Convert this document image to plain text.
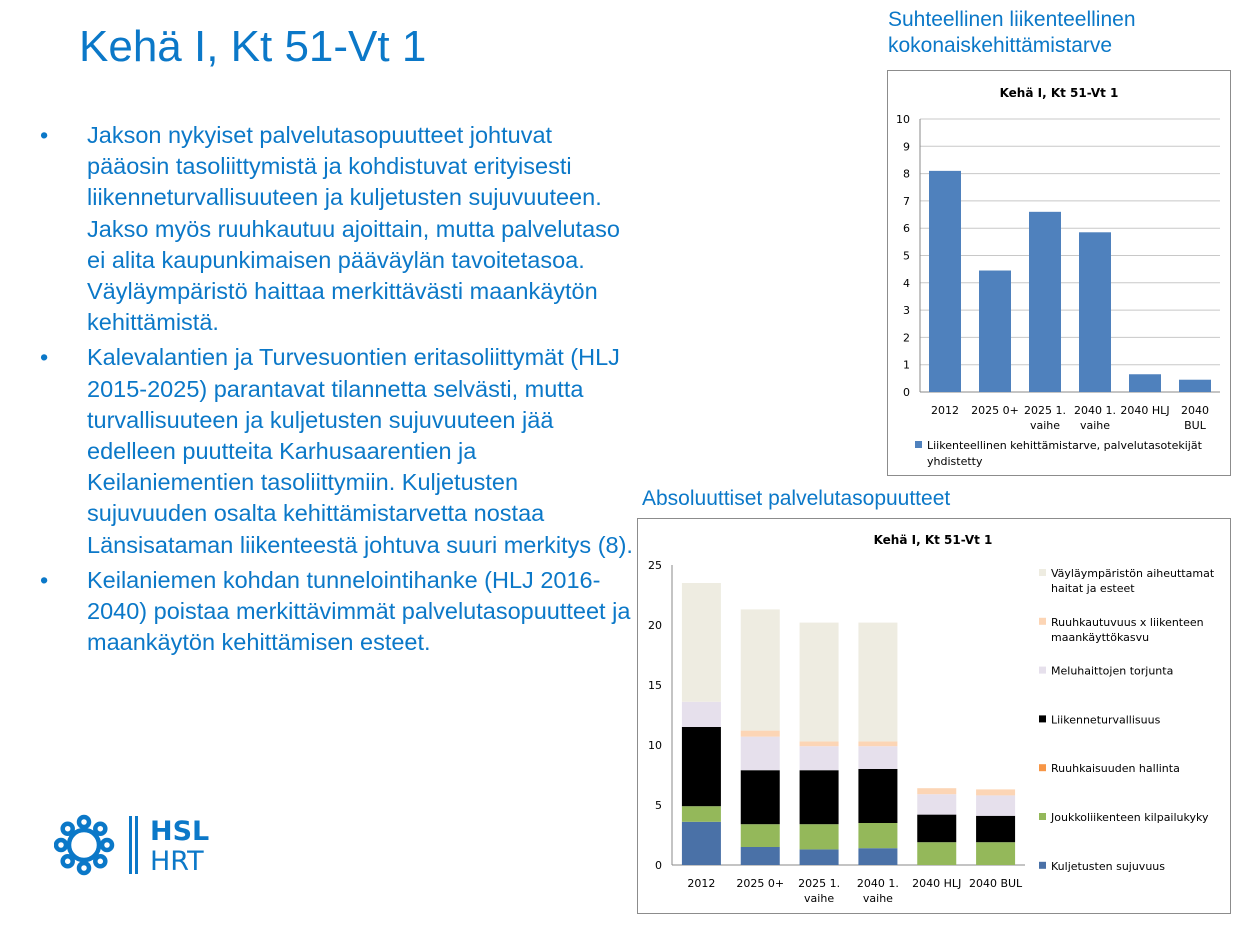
Kehä I, Kt 51-Vt 1
• Jakson nykyiset palvelutasopuutteet johtuvat pääosin tasoliittymistä ja kohdistuvat erityisesti liikenneturvallisuuteen ja kuljetusten sujuvuuteen. Jakso myös ruuhkautuu ajoittain, mutta palvelutaso ei alita kaupunkimaisen pääväylän tavoitetasoa. Väyläympäristö haittaa merkittävästi maankäytön kehittämistä.
• Kalevalantien ja Turvesuontien eritasoliittymät (HLJ 2015-2025) parantavat tilannetta selvästi, mutta turvallisuuteen ja kuljetusten sujuvuuteen jää edelleen puutteita Karhusaarentien ja Keilaniementien tasoliittymiin. Kuljetusten sujuvuuden osalta kehittämistarvetta nostaa Länsisataman liikenteestä johtuva suuri merkitys (8).
• Keilaniemen kohdan tunnelointihanke (HLJ 2016-2040) poistaa merkittävimmät palvelutasopuutteet ja maankäytön kehittämisen esteet.
HSL
HRT
Suhteellinen liikenteellinen
kokonaiskehittämistarve
Kehä I, Kt 51-Vt 1
0
1
2
3
4
5
6
7
8
9
10
2012 2025 0+ 2025 1.
vaihe
2040 1.
vaihe
2040 HLJ 2040
BUL
Liikenteellinen kehittämistarve, palvelutasotekijät
yhdistetty
Absoluuttiset palvelutasopuutteet
Kehä I, Kt 51-Vt 1
0
5
10
15
20
25
2012 2025 0+ 2025 1.
vaihe
2040 1.
vaihe
2040 HLJ 2040 BUL
Väyläympäristön aiheuttamat
haitat ja esteet
Ruuhkautuvuus x liikenteen
maankäyttökasvu
Meluhaittojen torjunta
Liikenneturvallisuus
Ruuhkaisuuden hallinta
Joukkoliikenteen kilpailukyky
Kuljetusten sujuvuus
